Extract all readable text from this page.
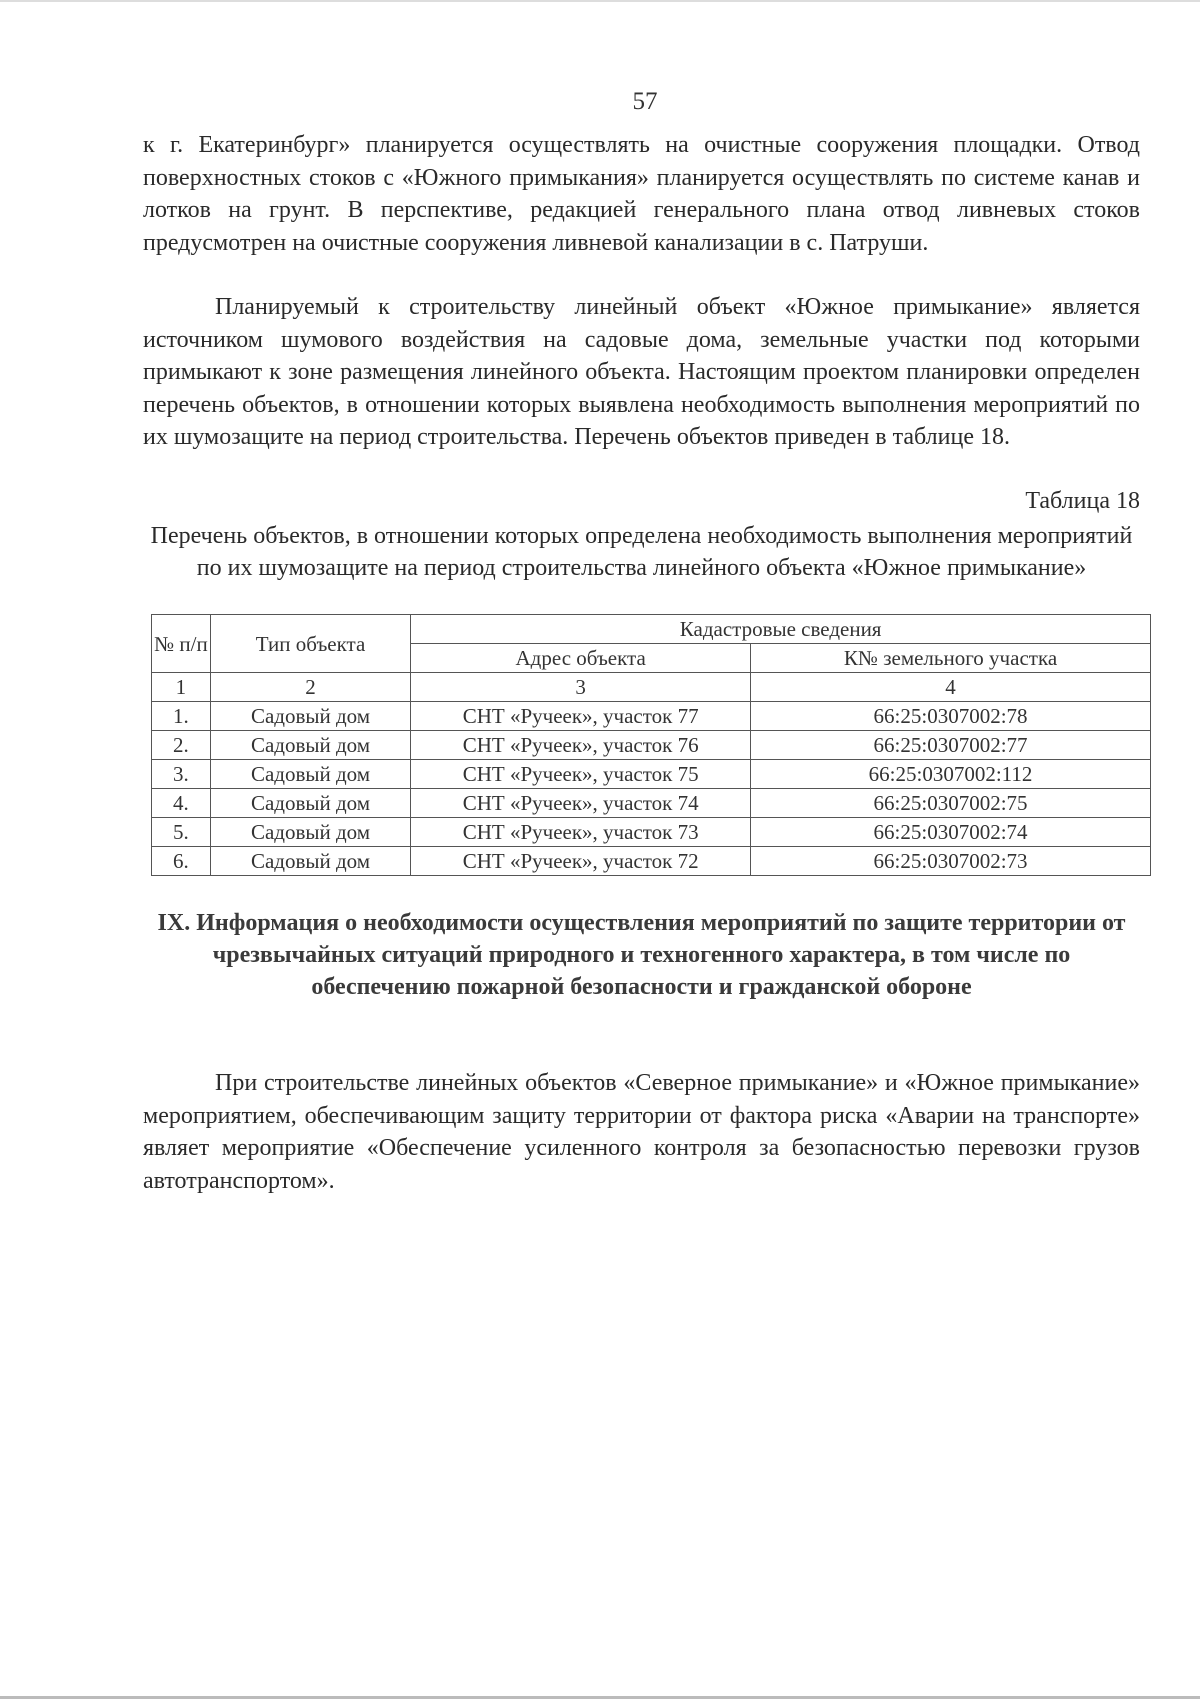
57

к г. Екатеринбург» планируется осуществлять на очистные сооружения площадки. Отвод поверхностных стоков с «Южного примыкания» планируется осуществлять по системе канав и лотков на грунт. В перспективе, редакцией генерального плана отвод ливневых стоков предусмотрен на очистные сооружения ливневой канализации в с. Патруши.

Планируемый к строительству линейный объект «Южное примыкание» является источником шумового воздействия на садовые дома, земельные участки под которыми примыкают к зоне размещения линейного объекта. Настоящим проектом планировки определен перечень объектов, в отношении которых выявлена необходимость выполнения мероприятий по их шумозащите на период строительства. Перечень объектов приведен в таблице 18.

Таблица 18
Перечень объектов, в отношении которых определена необходимость выполнения мероприятий по их шумозащите на период строительства линейного объекта «Южное примыкание»
№ п/п	Тип объекта	Кадастровые сведения	
		Адрес объекта	К№ земельного участка
1	2	3	4
1.	Садовый дом	СНТ «Ручеек», участок 77	66:25:0307002:78
2.	Садовый дом	СНТ «Ручеек», участок 76	66:25:0307002:77
3.	Садовый дом	СНТ «Ручеек», участок 75	66:25:0307002:112
4.	Садовый дом	СНТ «Ручеек», участок 74	66:25:0307002:75
5.	Садовый дом	СНТ «Ручеек», участок 73	66:25:0307002:74
6.	Садовый дом	СНТ «Ручеек», участок 72	66:25:0307002:73
IX. Информация о необходимости осуществления мероприятий по защите территории от чрезвычайных ситуаций природного и техногенного характера, в том числе по обеспечению пожарной безопасности и гражданской обороне

При строительстве линейных объектов «Северное примыкание» и «Южное примыкание» мероприятием, обеспечивающим защиту территории от фактора риска «Аварии на транспорте» являет мероприятие «Обеспечение усиленного контроля за безопасностью перевозки грузов автотранспортом».
